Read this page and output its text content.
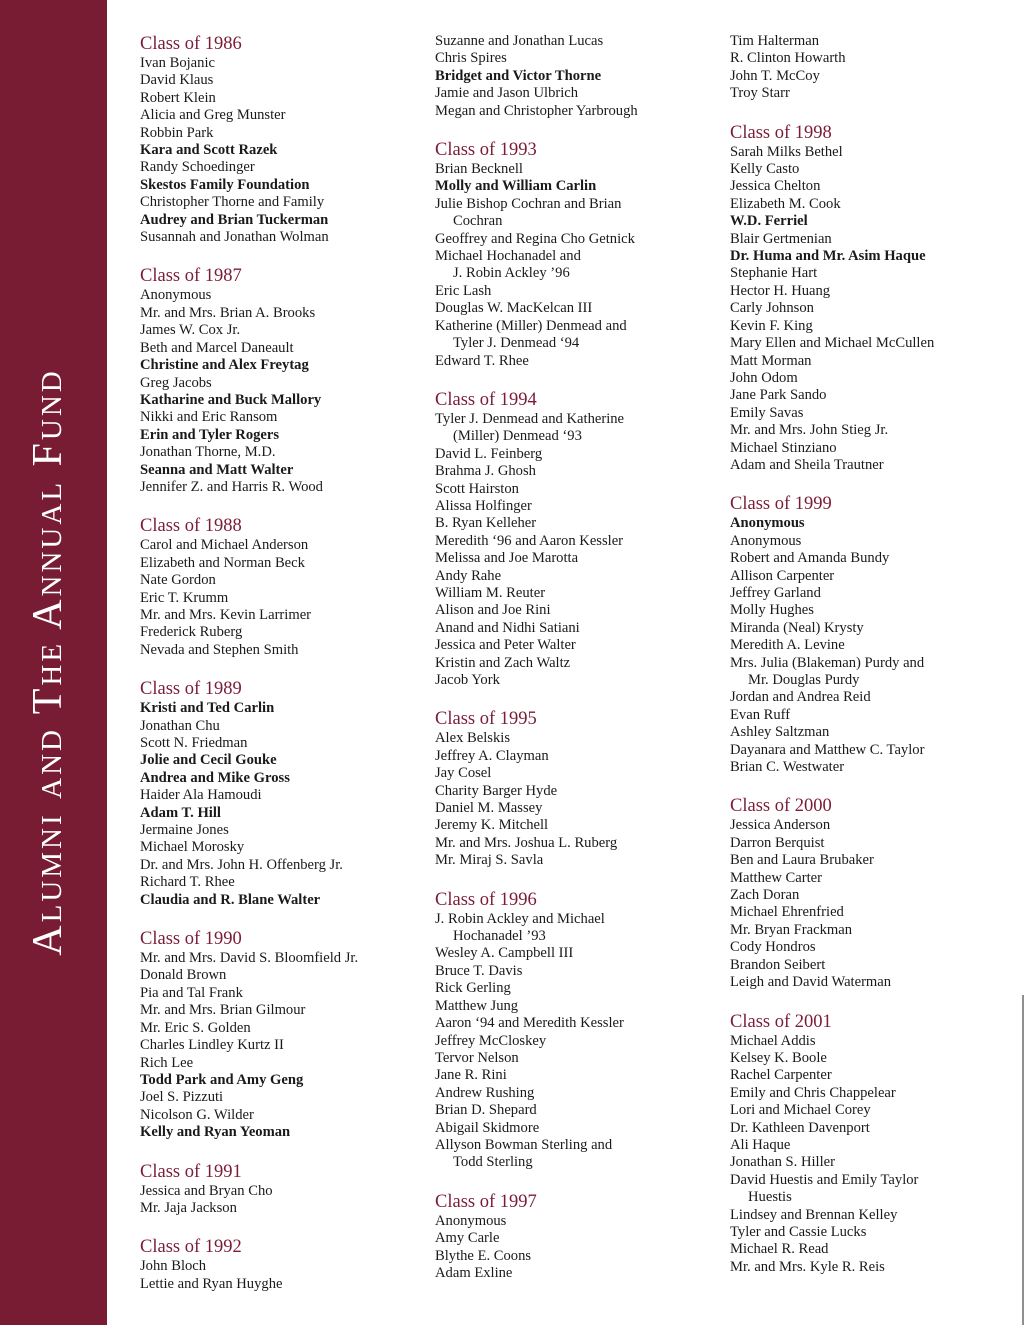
Alumni and The Annual Fund
Class of 1986
Ivan Bojanic
David Klaus
Robert Klein
Alicia and Greg Munster
Robbin Park
Kara and Scott Razek
Randy Schoedinger
Skestos Family Foundation
Christopher Thorne and Family
Audrey and Brian Tuckerman
Susannah and Jonathan Wolman
Class of 1987
Anonymous
Mr. and Mrs. Brian A. Brooks
James W. Cox Jr.
Beth and Marcel Daneault
Christine and Alex Freytag
Greg Jacobs
Katharine and Buck Mallory
Nikki and Eric Ransom
Erin and Tyler Rogers
Jonathan Thorne, M.D.
Seanna and Matt Walter
Jennifer Z. and Harris R. Wood
Class of 1988
Carol and Michael Anderson
Elizabeth and Norman Beck
Nate Gordon
Eric T. Krumm
Mr. and Mrs. Kevin Larrimer
Frederick Ruberg
Nevada and Stephen Smith
Class of 1989
Kristi and Ted Carlin
Jonathan Chu
Scott N. Friedman
Jolie and Cecil Gouke
Andrea and Mike Gross
Haider Ala Hamoudi
Adam T. Hill
Jermaine Jones
Michael Morosky
Dr. and Mrs. John H. Offenberg Jr.
Richard T. Rhee
Claudia and R. Blane Walter
Class of 1990
Mr. and Mrs. David S. Bloomfield Jr.
Donald Brown
Pia and Tal Frank
Mr. and Mrs. Brian Gilmour
Mr. Eric S. Golden
Charles Lindley Kurtz II
Rich Lee
Todd Park and Amy Geng
Joel S. Pizzuti
Nicolson G. Wilder
Kelly and Ryan Yeoman
Class of 1991
Jessica and Bryan Cho
Mr. Jaja Jackson
Class of 1992
John Bloch
Lettie and Ryan Huyghe
Suzanne and Jonathan Lucas
Chris Spires
Bridget and Victor Thorne
Jamie and Jason Ulbrich
Megan and Christopher Yarbrough
Class of 1993
Brian Becknell
Molly and William Carlin
Julie Bishop Cochran and Brian
Cochran
Geoffrey and Regina Cho Getnick
Michael Hochanadel and
J. Robin Ackley ’96
Eric Lash
Douglas W. MacKelcan III
Katherine (Miller) Denmead and
Tyler J. Denmead ‘94
Edward T. Rhee
Class of 1994
Tyler J. Denmead and Katherine
(Miller) Denmead ‘93
David L. Feinberg
Brahma J. Ghosh
Scott Hairston
Alissa Holfinger
B. Ryan Kelleher
Meredith ‘96 and Aaron Kessler
Melissa and Joe Marotta
Andy Rahe
William M. Reuter
Alison and Joe Rini
Anand and Nidhi Satiani
Jessica and Peter Walter
Kristin and Zach Waltz
Jacob York
Class of 1995
Alex Belskis
Jeffrey A. Clayman
Jay Cosel
Charity Barger Hyde
Daniel M. Massey
Jeremy K. Mitchell
Mr. and Mrs. Joshua L. Ruberg
Mr. Miraj S. Savla
Class of 1996
J. Robin Ackley and Michael
Hochanadel ’93
Wesley A. Campbell III
Bruce T. Davis
Rick Gerling
Matthew Jung
Aaron ‘94 and Meredith Kessler
Jeffrey McCloskey
Tervor Nelson
Jane R. Rini
Andrew Rushing
Brian D. Shepard
Abigail Skidmore
Allyson Bowman Sterling and
Todd Sterling
Class of 1997
Anonymous
Amy Carle
Blythe E. Coons
Adam Exline
Tim Halterman
R. Clinton Howarth
John T. McCoy
Troy Starr
Class of 1998
Sarah Milks Bethel
Kelly Casto
Jessica Chelton
Elizabeth M. Cook
W.D. Ferriel
Blair Gertmenian
Dr. Huma and Mr. Asim Haque
Stephanie Hart
Hector H. Huang
Carly Johnson
Kevin F. King
Mary Ellen and Michael McCullen
Matt Morman
John Odom
Jane Park Sando
Emily Savas
Mr. and Mrs. John Stieg Jr.
Michael Stinziano
Adam and Sheila Trautner
Class of 1999
Anonymous
Anonymous
Robert and Amanda Bundy
Allison Carpenter
Jeffrey Garland
Molly Hughes
Miranda (Neal) Krysty
Meredith A. Levine
Mrs. Julia (Blakeman) Purdy and
Mr. Douglas Purdy
Jordan and Andrea Reid
Evan Ruff
Ashley Saltzman
Dayanara and Matthew C. Taylor
Brian C. Westwater
Class of 2000
Jessica Anderson
Darron Berquist
Ben and Laura Brubaker
Matthew Carter
Zach Doran
Michael Ehrenfried
Mr. Bryan Frackman
Cody Hondros
Brandon Seibert
Leigh and David Waterman
Class of 2001
Michael Addis
Kelsey K. Boole
Rachel Carpenter
Emily and Chris Chappelear
Lori and Michael Corey
Dr. Kathleen Davenport
Ali Haque
Jonathan S. Hiller
David Huestis and Emily Taylor
Huestis
Lindsey and Brennan Kelley
Tyler and Cassie Lucks
Michael R. Read
Mr. and Mrs. Kyle R. Reis
